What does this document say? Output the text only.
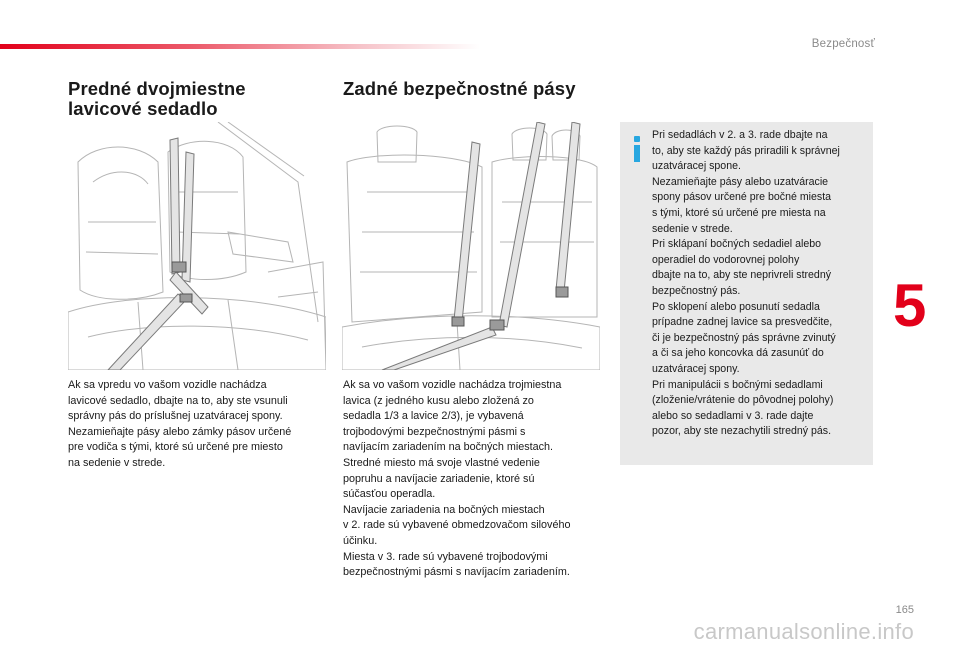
Bezpečnosť
Predné dvojmiestne
lavicové sedadlo
Zadné bezpečnostné pásy

Ak sa vpredu vo vašom vozidle nachádza

lavicové sedadlo, dbajte na to, aby ste vsunuli

správny pás do príslušnej uzatváracej spony.

Nezamieňajte pásy alebo zámky pásov určené

pre vodiča s tými, ktoré sú určené pre miesto

na sedenie v strede.

Ak sa vo vašom vozidle nachádza trojmiestna

lavica (z jedného kusu alebo zložená zo

sedadla 1/3 a lavice 2/3), je vybavená

trojbodovými bezpečnostnými pásmi s

navíjacím zariadením na bočných miestach.

Stredné miesto má svoje vlastné vedenie

popruhu a navíjacie zariadenie, ktoré sú

súčasťou operadla.

Navíjacie zariadenia na bočných miestach

v 2. rade sú vybavené obmedzovačom silového

účinku.

Miesta v 3. rade sú vybavené trojbodovými

bezpečnostnými pásmi s navíjacím zariadením.

Pri sedadlách v 2. a 3. rade dbajte na

to, aby ste každý pás priradili k správnej

uzatváracej spone.

Nezamieňajte pásy alebo uzatváracie

spony pásov určené pre bočné miesta

s tými, ktoré sú určené pre miesta na

sedenie v strede.

Pri sklápaní bočných sedadiel alebo

operadiel do vodorovnej polohy

dbajte na to, aby ste neprivreli stredný

bezpečnostný pás.

Po sklopení alebo posunutí sedadla

prípadne zadnej lavice sa presvedčite,

či je bezpečnostný pás správne zvinutý

a či sa jeho koncovka dá zasunúť do

uzatváracej spony.

Pri manipulácii s bočnými sedadlami

(zloženie/vrátenie do pôvodnej polohy)

alebo so sedadlami v 3. rade dajte

pozor, aby ste nezachytili stredný pás.

5
165
carmanualsonline.info
